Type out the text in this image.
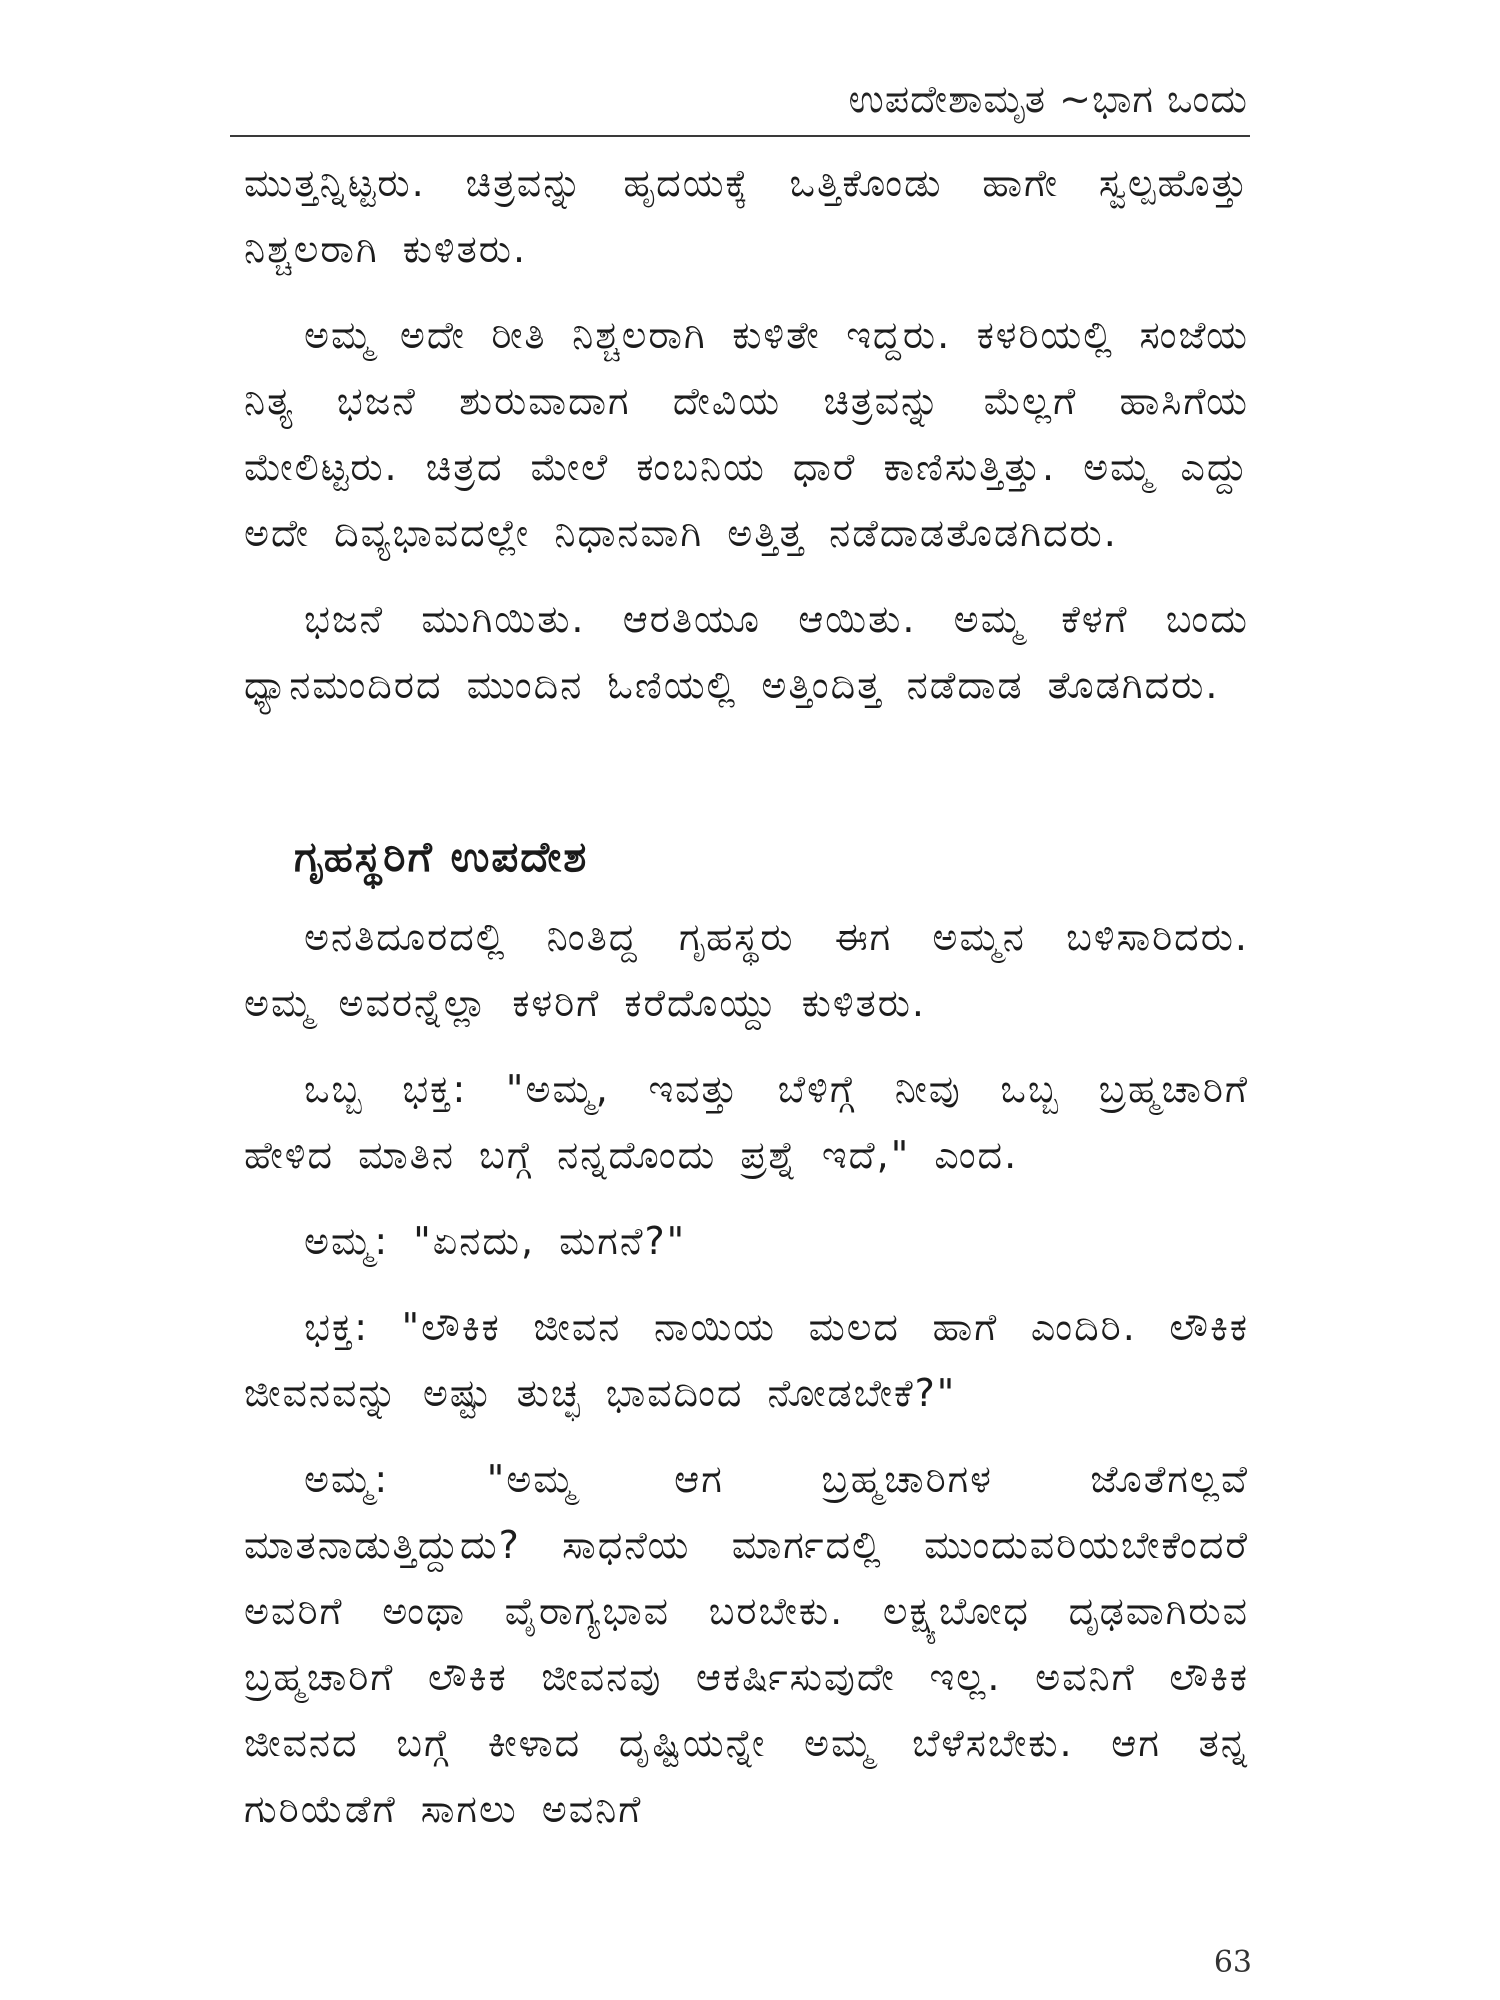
ಉಪದೇಶಾಮೃತ ~ಭಾಗ ಒಂದು

ಮುತ್ತನ್ನಿಟ್ಟರು. ಚಿತ್ರವನ್ನು ಹೃದಯಕ್ಕೆ ಒತ್ತಿಕೊಂಡು ಹಾಗೇ ಸ್ವಲ್ಪಹೊತ್ತು ನಿಶ್ಚಲರಾಗಿ ಕುಳಿತರು.

ಅಮ್ಮ ಅದೇ ರೀತಿ ನಿಶ್ಚಲರಾಗಿ ಕುಳಿತೇ ಇದ್ದರು. ಕಳರಿಯಲ್ಲಿ ಸಂಜೆಯ ನಿತ್ಯ ಭಜನೆ ಶುರುವಾದಾಗ ದೇವಿಯ ಚಿತ್ರವನ್ನು ಮೆಲ್ಲಗೆ ಹಾಸಿಗೆಯ ಮೇಲಿಟ್ಟರು. ಚಿತ್ರದ ಮೇಲೆ ಕಂಬನಿಯ ಧಾರೆ ಕಾಣಿಸುತ್ತಿತ್ತು. ಅಮ್ಮ ಎದ್ದು ಅದೇ ದಿವ್ಯಭಾವದಲ್ಲೇ ನಿಧಾನವಾಗಿ ಅತ್ತಿತ್ತ ನಡೆದಾಡತೊಡಗಿದರು.

ಭಜನೆ ಮುಗಿಯಿತು. ಆರತಿಯೂ ಆಯಿತು. ಅಮ್ಮ ಕೆಳಗೆ ಬಂದು ಧ್ಯಾನಮಂದಿರದ ಮುಂದಿನ ಓಣಿಯಲ್ಲಿ ಅತ್ತಿಂದಿತ್ತ ನಡೆದಾಡ ತೊಡಗಿದರು.

ಗೃಹಸ್ಥರಿಗೆ ಉಪದೇಶ

ಅನತಿದೂರದಲ್ಲಿ ನಿಂತಿದ್ದ ಗೃಹಸ್ಥರು ಈಗ ಅಮ್ಮನ ಬಳಿಸಾರಿದರು. ಅಮ್ಮ ಅವರನ್ನೆಲ್ಲಾ ಕಳರಿಗೆ ಕರೆದೊಯ್ದು ಕುಳಿತರು.

ಒಬ್ಬ ಭಕ್ತ: "ಅಮ್ಮ, ಇವತ್ತು ಬೆಳಿಗ್ಗೆ ನೀವು ಒಬ್ಬ ಬ್ರಹ್ಮಚಾರಿಗೆ ಹೇಳಿದ ಮಾತಿನ ಬಗ್ಗೆ ನನ್ನದೊಂದು ಪ್ರಶ್ನೆ ಇದೆ," ಎಂದ.

ಅಮ್ಮ: "ಏನದು, ಮಗನೆ?"

ಭಕ್ತ: "ಲೌಕಿಕ ಜೀವನ ನಾಯಿಯ ಮಲದ ಹಾಗೆ ಎಂದಿರಿ. ಲೌಕಿಕ ಜೀವನವನ್ನು ಅಷ್ಟು ತುಚ್ಛ ಭಾವದಿಂದ ನೋಡಬೇಕೆ?"

ಅಮ್ಮ: "ಅಮ್ಮ ಆಗ ಬ್ರಹ್ಮಚಾರಿಗಳ ಜೊತೆಗಲ್ಲವೆ ಮಾತನಾಡುತ್ತಿದ್ದುದು? ಸಾಧನೆಯ ಮಾರ್ಗದಲ್ಲಿ ಮುಂದುವರಿಯಬೇಕೆಂದರೆ ಅವರಿಗೆ ಅಂಥಾ ವೈರಾಗ್ಯಭಾವ ಬರಬೇಕು. ಲಕ್ಷ್ಯಬೋಧ ದೃಢವಾಗಿರುವ ಬ್ರಹ್ಮಚಾರಿಗೆ ಲೌಕಿಕ ಜೀವನವು ಆಕರ್ಷಿಸುವುದೇ ಇಲ್ಲ. ಅವನಿಗೆ ಲೌಕಿಕ ಜೀವನದ ಬಗ್ಗೆ ಕೀಳಾದ ದೃಷ್ಟಿಯನ್ನೇ ಅಮ್ಮ ಬೆಳೆಸಬೇಕು. ಆಗ ತನ್ನ ಗುರಿಯೆಡೆಗೆ ಸಾಗಲು ಅವನಿಗೆ

63
